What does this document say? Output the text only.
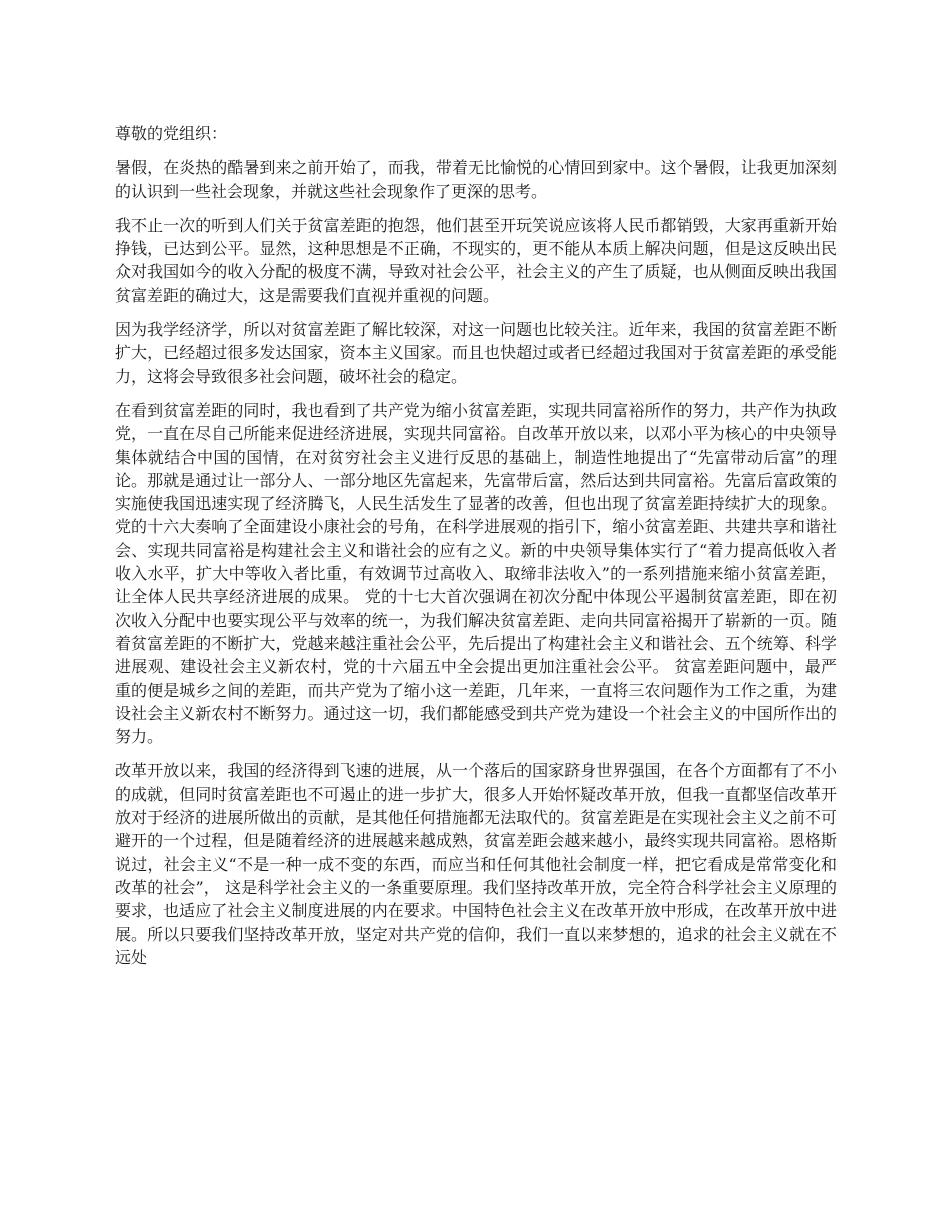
尊敬的党组织：

暑假，在炎热的酷暑到来之前开始了，而我，带着无比愉悦的心情回到家中。这个暑假，让我更加深刻的认识到一些社会现象，并就这些社会现象作了更深的思考。

我不止一次的听到人们关于贫富差距的抱怨，他们甚至开玩笑说应该将人民币都销毁，大家再重新开始挣钱，已达到公平。显然，这种思想是不正确，不现实的，更不能从本质上解决问题，但是这反映出民众对我国如今的收入分配的极度不满，导致对社会公平，社会主义的产生了质疑，也从侧面反映出我国贫富差距的确过大，这是需要我们直视并重视的问题。

因为我学经济学，所以对贫富差距了解比较深，对这一问题也比较关注。近年来，我国的贫富差距不断扩大，已经超过很多发达国家，资本主义国家。而且也快超过或者已经超过我国对于贫富差距的承受能力，这将会导致很多社会问题，破坏社会的稳定。

在看到贫富差距的同时，我也看到了共产党为缩小贫富差距，实现共同富裕所作的努力，共产作为执政党，一直在尽自己所能来促进经济进展，实现共同富裕。自改革开放以来，以邓小平为核心的中央领导集体就结合中国的国情，在对贫穷社会主义进行反思的基础上，制造性地提出了“先富带动后富”的理论。那就是通过让一部分人、一部分地区先富起来，先富带后富，然后达到共同富裕。先富后富政策的实施使我国迅速实现了经济腾飞，人民生活发生了显著的改善，但也出现了贫富差距持续扩大的现象。 党的十六大奏响了全面建设小康社会的号角，在科学进展观的指引下，缩小贫富差距、共建共享和谐社会、实现共同富裕是构建社会主义和谐社会的应有之义。新的中央领导集体实行了“着力提高低收入者收入水平，扩大中等收入者比重，有效调节过高收入、取缔非法收入”的一系列措施来缩小贫富差距，让全体人民共享经济进展的成果。 党的十七大首次强调在初次分配中体现公平遏制贫富差距，即在初次收入分配中也要实现公平与效率的统一，为我们解决贫富差距、走向共同富裕揭开了崭新的一页。随着贫富差距的不断扩大，党越来越注重社会公平，先后提出了构建社会主义和谐社会、五个统筹、科学进展观、建设社会主义新农村，党的十六届五中全会提出更加注重社会公平。 贫富差距问题中，最严重的便是城乡之间的差距，而共产党为了缩小这一差距，几年来，一直将三农问题作为工作之重，为建设社会主义新农村不断努力。通过这一切，我们都能感受到共产党为建设一个社会主义的中国所作出的努力。

改革开放以来，我国的经济得到飞速的进展，从一个落后的国家跻身世界强国，在各个方面都有了不小的成就，但同时贫富差距也不可遏止的进一步扩大，很多人开始怀疑改革开放，但我一直都坚信改革开放对于经济的进展所做出的贡献，是其他任何措施都无法取代的。贫富差距是在实现社会主义之前不可避开的一个过程，但是随着经济的进展越来越成熟，贫富差距会越来越小，最终实现共同富裕。恩格斯说过，社会主义“不是一种一成不变的东西，而应当和任何其他社会制度一样，把它看成是常常变化和改革的社会”， 这是科学社会主义的一条重要原理。我们坚持改革开放，完全符合科学社会主义原理的要求，也适应了社会主义制度进展的内在要求。中国特色社会主义在改革开放中形成，在改革开放中进展。所以只要我们坚持改革开放，坚定对共产党的信仰，我们一直以来梦想的，追求的社会主义就在不远处
